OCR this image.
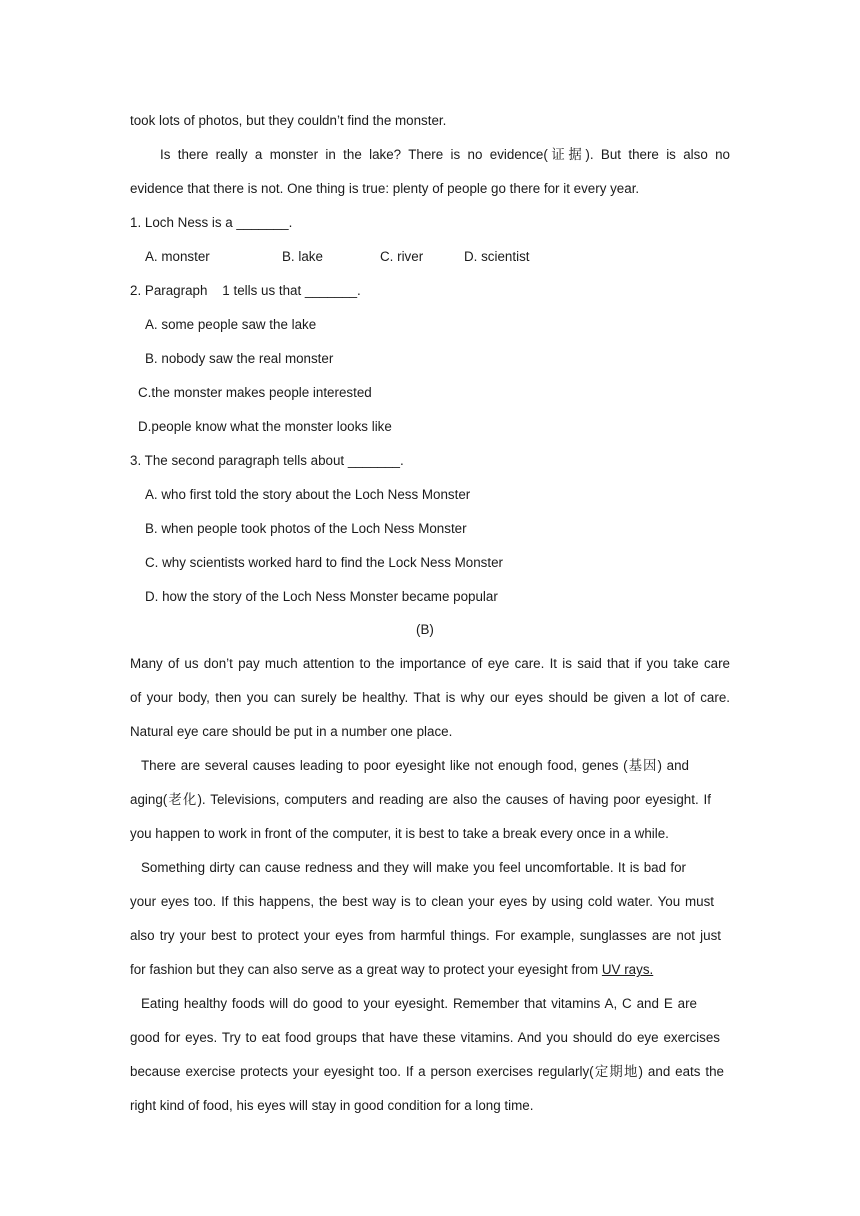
took lots of photos, but they couldn’t find the monster.
Is there really a monster in the lake? There is no evidence(证据). But there is also no
evidence that there is not. One thing is true: plenty of people go there for it every year.
1. Loch Ness is a _______.
A. monster	B. lake	C. river	D. scientist
2. Paragraph    1 tells us that _______.
A. some people saw the lake
B. nobody saw the real monster
C.the monster makes people interested
D.people know what the monster looks like
3. The second paragraph tells about _______.
A. who first told the story about the Loch Ness Monster
B. when people took photos of the Loch Ness Monster
C. why scientists worked hard to find the Lock Ness Monster
D. how the story of the Loch Ness Monster became popular
(B)
Many of us don’t pay much attention to the importance of eye care. It is said that if you take care
of your body, then you can surely be healthy. That is why our eyes should be given a lot of care.
Natural eye care should be put in a number one place.
There are several causes leading to poor eyesight like not enough food, genes (基因) and
aging(老化). Televisions, computers and reading are also the causes of having poor eyesight. If
you happen to work in front of the computer, it is best to take a break every once in a while.
Something dirty can cause redness and they will make you feel uncomfortable. It is bad for
your eyes too. If this happens, the best way is to clean your eyes by using cold water. You must
also try your best to protect your eyes from harmful things. For example, sunglasses are not just
for fashion but they can also serve as a great way to protect your eyesight from UV rays.
Eating healthy foods will do good to your eyesight. Remember that vitamins A, C and E are
good for eyes. Try to eat food groups that have these vitamins. And you should do eye exercises
because exercise protects your eyesight too. If a person exercises regularly(定期地) and eats the
right kind of food, his eyes will stay in good condition for a long time.
